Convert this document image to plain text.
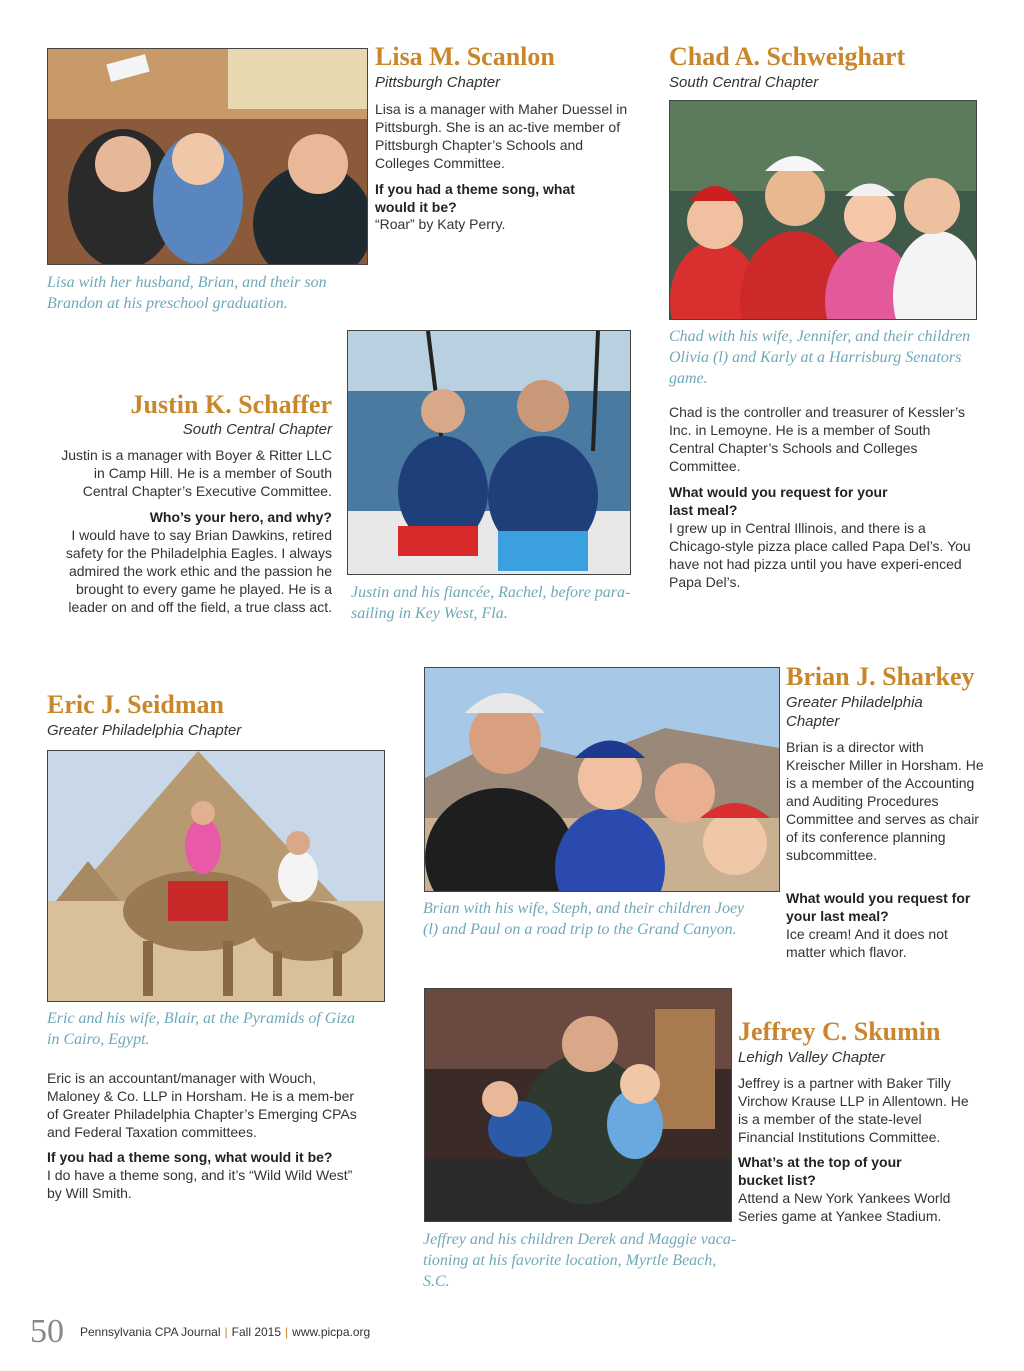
Lisa M. Scanlon

Pittsburgh Chapter

Lisa is a manager with Maher Duessel in Pittsburgh. She is an ac-tive member of Pittsburgh Chapter’s Schools and Colleges Committee.

If you had a theme song, what would it be?

“Roar” by Katy Perry.

Lisa with her husband, Brian, and their son Brandon at his preschool graduation.

Chad A. Schweighart

South Central Chapter

Chad with his wife, Jennifer, and their children Olivia (l) and Karly at a Harrisburg Senators game.

Chad is the controller and treasurer of Kessler’s Inc. in Lemoyne. He is a member of South Central Chapter’s Schools and Colleges Committee.

What would you request for your last meal?

I grew up in Central Illinois, and there is a Chicago-style pizza place called Papa Del’s. You have not had pizza until you have experi-enced Papa Del’s.

Justin K. Schaffer

South Central Chapter

Justin is a manager with Boyer & Ritter LLC in Camp Hill. He is a member of South Central Chapter’s Executive Committee.

Who’s your hero, and why?

I would have to say Brian Dawkins, retired safety for the Philadelphia Eagles. I always admired the work ethic and the passion he brought to every game he played. He is a leader on and off the field, a true class act.

Justin and his fiancée, Rachel, before para-sailing in Key West, Fla.

Eric J. Seidman

Greater Philadelphia Chapter

Eric and his wife, Blair, at the Pyramids of Giza in Cairo, Egypt.

Eric is an accountant/manager with Wouch, Maloney & Co. LLP in Horsham. He is a mem-ber of Greater Philadelphia Chapter’s Emerging CPAs and Federal Taxation committees.

If you had a theme song, what would it be?

I do have a theme song, and it’s “Wild Wild West” by Will Smith.

Brian J. Sharkey

Greater Philadelphia Chapter

Brian is a director with Kreischer Miller in Horsham. He is a member of the Accounting and Auditing Procedures Committee and serves as chair of its conference planning subcommittee.

What would you request for your last meal?

Ice cream! And it does not matter which flavor.

Brian with his wife, Steph, and their children Joey (l) and Paul on a road trip to the Grand Canyon.

Jeffrey C. Skumin

Lehigh Valley Chapter

Jeffrey is a partner with Baker Tilly Virchow Krause LLP in Allentown. He is a member of the state-level Financial Institutions Committee.

What’s at the top of your bucket list?

Attend a New York Yankees World Series game at Yankee Stadium.

Jeffrey and his children Derek and Maggie vaca-tioning at his favorite location, Myrtle Beach, S.C.

50 Pennsylvania CPA Journal | Fall 2015 | www.picpa.org
